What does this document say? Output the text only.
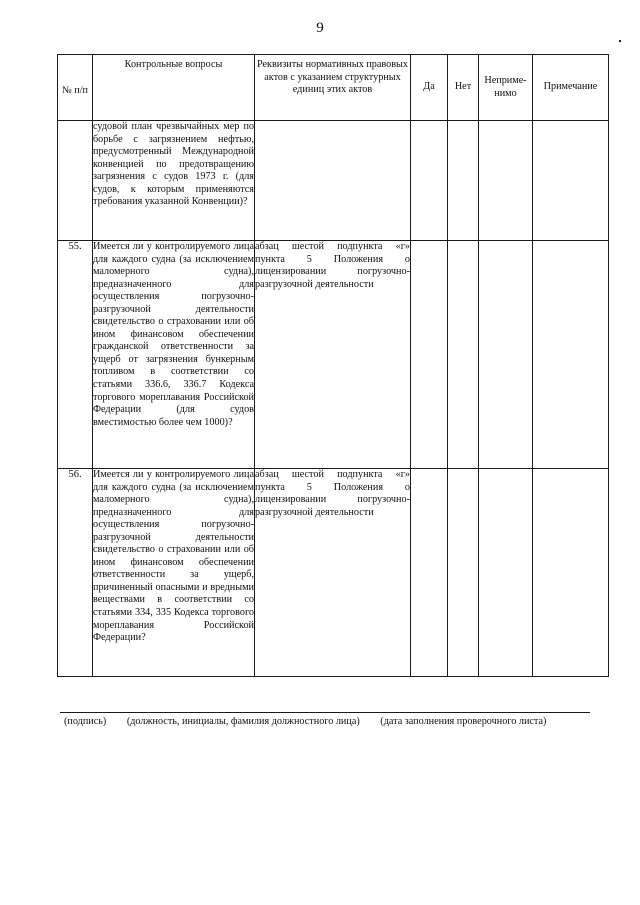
9
№ п/п	Контрольные вопросы	Реквизиты нормативных правовых актов с указанием структурных единиц этих актов	Да	Нет	Неприме-нимо	Примечание

	судовой план чрезвычайных мер по борьбе с загрязнением нефтью, предусмотренный Международной конвенцией по предотвращению загрязнения с судов 1973 г. (для судов, к которым применяются требования указанной Конвенции)?					

55.	Имеется ли у контролируемого лица для каждого судна (за исключением маломерного судна), предназначенного для осуществления погрузочно-разгрузочной деятельности свидетельство о страховании или об ином финансовом обеспечении гражданской ответственности за ущерб от загрязнения бункерным топливом в соответствии со статьями 336.6, 336.7 Кодекса торгового мореплавания Российской Федерации (для судов вместимостью более чем 1000)?	абзац шестой подпункта «г» пункта 5 Положения о лицензировании погрузочно-разгрузочной деятельности				

56.	Имеется ли у контролируемого лица для каждого судна (за исключением маломерного судна), предназначенного для осуществления погрузочно-разгрузочной деятельности свидетельство о страховании или об ином финансовом обеспечении ответственности за ущерб, причиненный опасными и вредными веществами в соответствии со статьями 334, 335 Кодекса торгового мореплавания Российской Федерации?	абзац шестой подпункта «г» пункта 5 Положения о лицензировании погрузочно-разгрузочной деятельности				

(подпись) (должность, инициалы, фамилия должностного лица) (дата заполнения проверочного листа)
